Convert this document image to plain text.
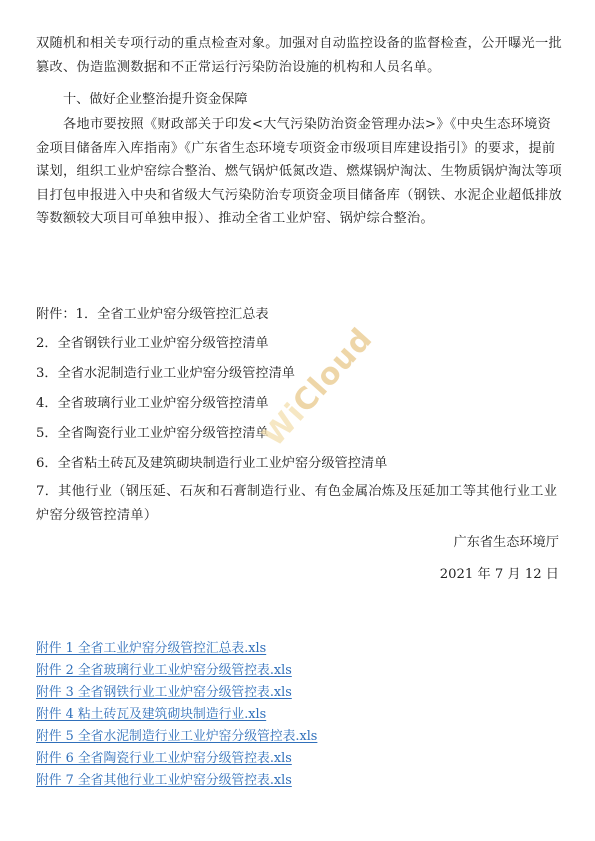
双随机和相关专项行动的重点检查对象。加强对自动监控设备的监督检查，公开曝光一批篡改、伪造监测数据和不正常运行污染防治设施的机构和人员名单。

十、做好企业整治提升资金保障

各地市要按照《财政部关于印发<大气污染防治资金管理办法>》《中央生态环境资金项目储备库入库指南》《广东省生态环境专项资金市级项目库建设指引》的要求，提前谋划，组织工业炉窑综合整治、燃气锅炉低氮改造、燃煤锅炉淘汰、生物质锅炉淘汰等项目打包申报进入中央和省级大气污染防治专项资金项目储备库（钢铁、水泥企业超低排放等数额较大项目可单独申报）、推动全省工业炉窑、锅炉综合整治。

附件：1．全省工业炉窑分级管控汇总表
2．全省钢铁行业工业炉窑分级管控清单
3．全省水泥制造行业工业炉窑分级管控清单
4．全省玻璃行业工业炉窑分级管控清单
5．全省陶瓷行业工业炉窑分级管控清单
6．全省粘土砖瓦及建筑砌块制造行业工业炉窑分级管控清单

7．其他行业（钢压延、石灰和石膏制造行业、有色金属冶炼及压延加工等其他行业工业炉窑分级管控清单）

广东省生态环境厅
2021 年 7 月 12 日
附件 1 全省工业炉窑分级管控汇总表.xls
附件 2 全省玻璃行业工业炉窑分级管控表.xls
附件 3 全省钢铁行业工业炉窑分级管控表.xls
附件 4 粘土砖瓦及建筑砌块制造行业.xls
附件 5 全省水泥制造行业工业炉窑分级管控表.xls
附件 6 全省陶瓷行业工业炉窑分级管控表.xls
附件 7 全省其他行业工业炉窑分级管控表.xls
WiCloud
